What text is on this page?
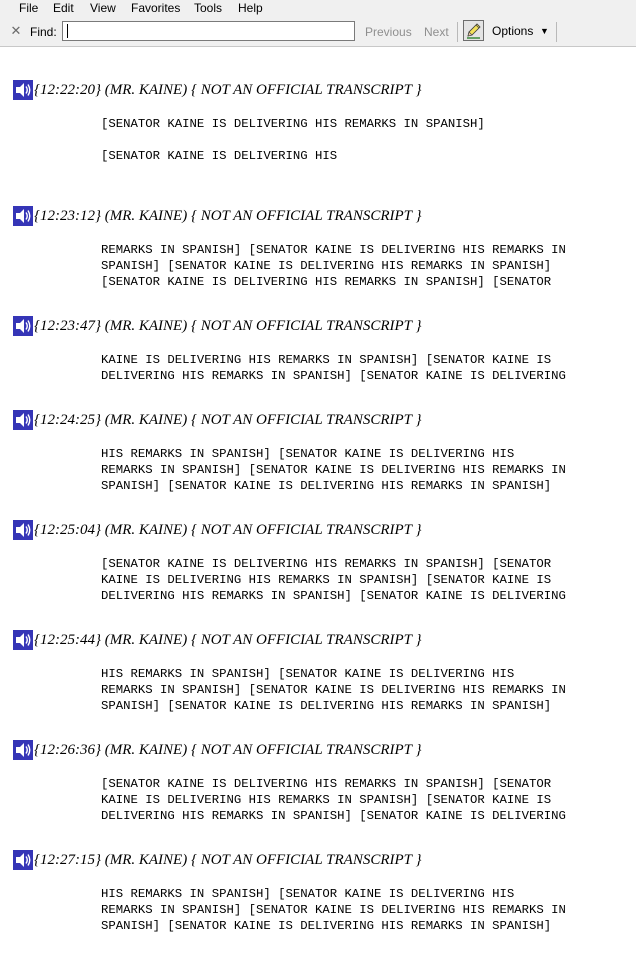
File Edit View Favorites Tools Help
✕ Find:	Previous Next	Options ▼
{12:22:20} (MR. KAINE) { NOT AN OFFICIAL TRANSCRIPT }
[SENATOR KAINE IS DELIVERING HIS REMARKS IN SPANISH]

[SENATOR KAINE IS DELIVERING HIS
{12:23:12} (MR. KAINE) { NOT AN OFFICIAL TRANSCRIPT }
REMARKS IN SPANISH] [SENATOR KAINE IS DELIVERING HIS REMARKS IN
SPANISH] [SENATOR KAINE IS DELIVERING HIS REMARKS IN SPANISH]
[SENATOR KAINE IS DELIVERING HIS REMARKS IN SPANISH] [SENATOR
{12:23:47} (MR. KAINE) { NOT AN OFFICIAL TRANSCRIPT }
KAINE IS DELIVERING HIS REMARKS IN SPANISH] [SENATOR KAINE IS
DELIVERING HIS REMARKS IN SPANISH] [SENATOR KAINE IS DELIVERING
{12:24:25} (MR. KAINE) { NOT AN OFFICIAL TRANSCRIPT }
HIS REMARKS IN SPANISH] [SENATOR KAINE IS DELIVERING HIS
REMARKS IN SPANISH] [SENATOR KAINE IS DELIVERING HIS REMARKS IN
SPANISH] [SENATOR KAINE IS DELIVERING HIS REMARKS IN SPANISH]
{12:25:04} (MR. KAINE) { NOT AN OFFICIAL TRANSCRIPT }
[SENATOR KAINE IS DELIVERING HIS REMARKS IN SPANISH] [SENATOR
KAINE IS DELIVERING HIS REMARKS IN SPANISH] [SENATOR KAINE IS
DELIVERING HIS REMARKS IN SPANISH] [SENATOR KAINE IS DELIVERING
{12:25:44} (MR. KAINE) { NOT AN OFFICIAL TRANSCRIPT }
HIS REMARKS IN SPANISH] [SENATOR KAINE IS DELIVERING HIS
REMARKS IN SPANISH] [SENATOR KAINE IS DELIVERING HIS REMARKS IN
SPANISH] [SENATOR KAINE IS DELIVERING HIS REMARKS IN SPANISH]
{12:26:36} (MR. KAINE) { NOT AN OFFICIAL TRANSCRIPT }
[SENATOR KAINE IS DELIVERING HIS REMARKS IN SPANISH] [SENATOR
KAINE IS DELIVERING HIS REMARKS IN SPANISH] [SENATOR KAINE IS
DELIVERING HIS REMARKS IN SPANISH] [SENATOR KAINE IS DELIVERING
{12:27:15} (MR. KAINE) { NOT AN OFFICIAL TRANSCRIPT }
HIS REMARKS IN SPANISH] [SENATOR KAINE IS DELIVERING HIS
REMARKS IN SPANISH] [SENATOR KAINE IS DELIVERING HIS REMARKS IN
SPANISH] [SENATOR KAINE IS DELIVERING HIS REMARKS IN SPANISH]
